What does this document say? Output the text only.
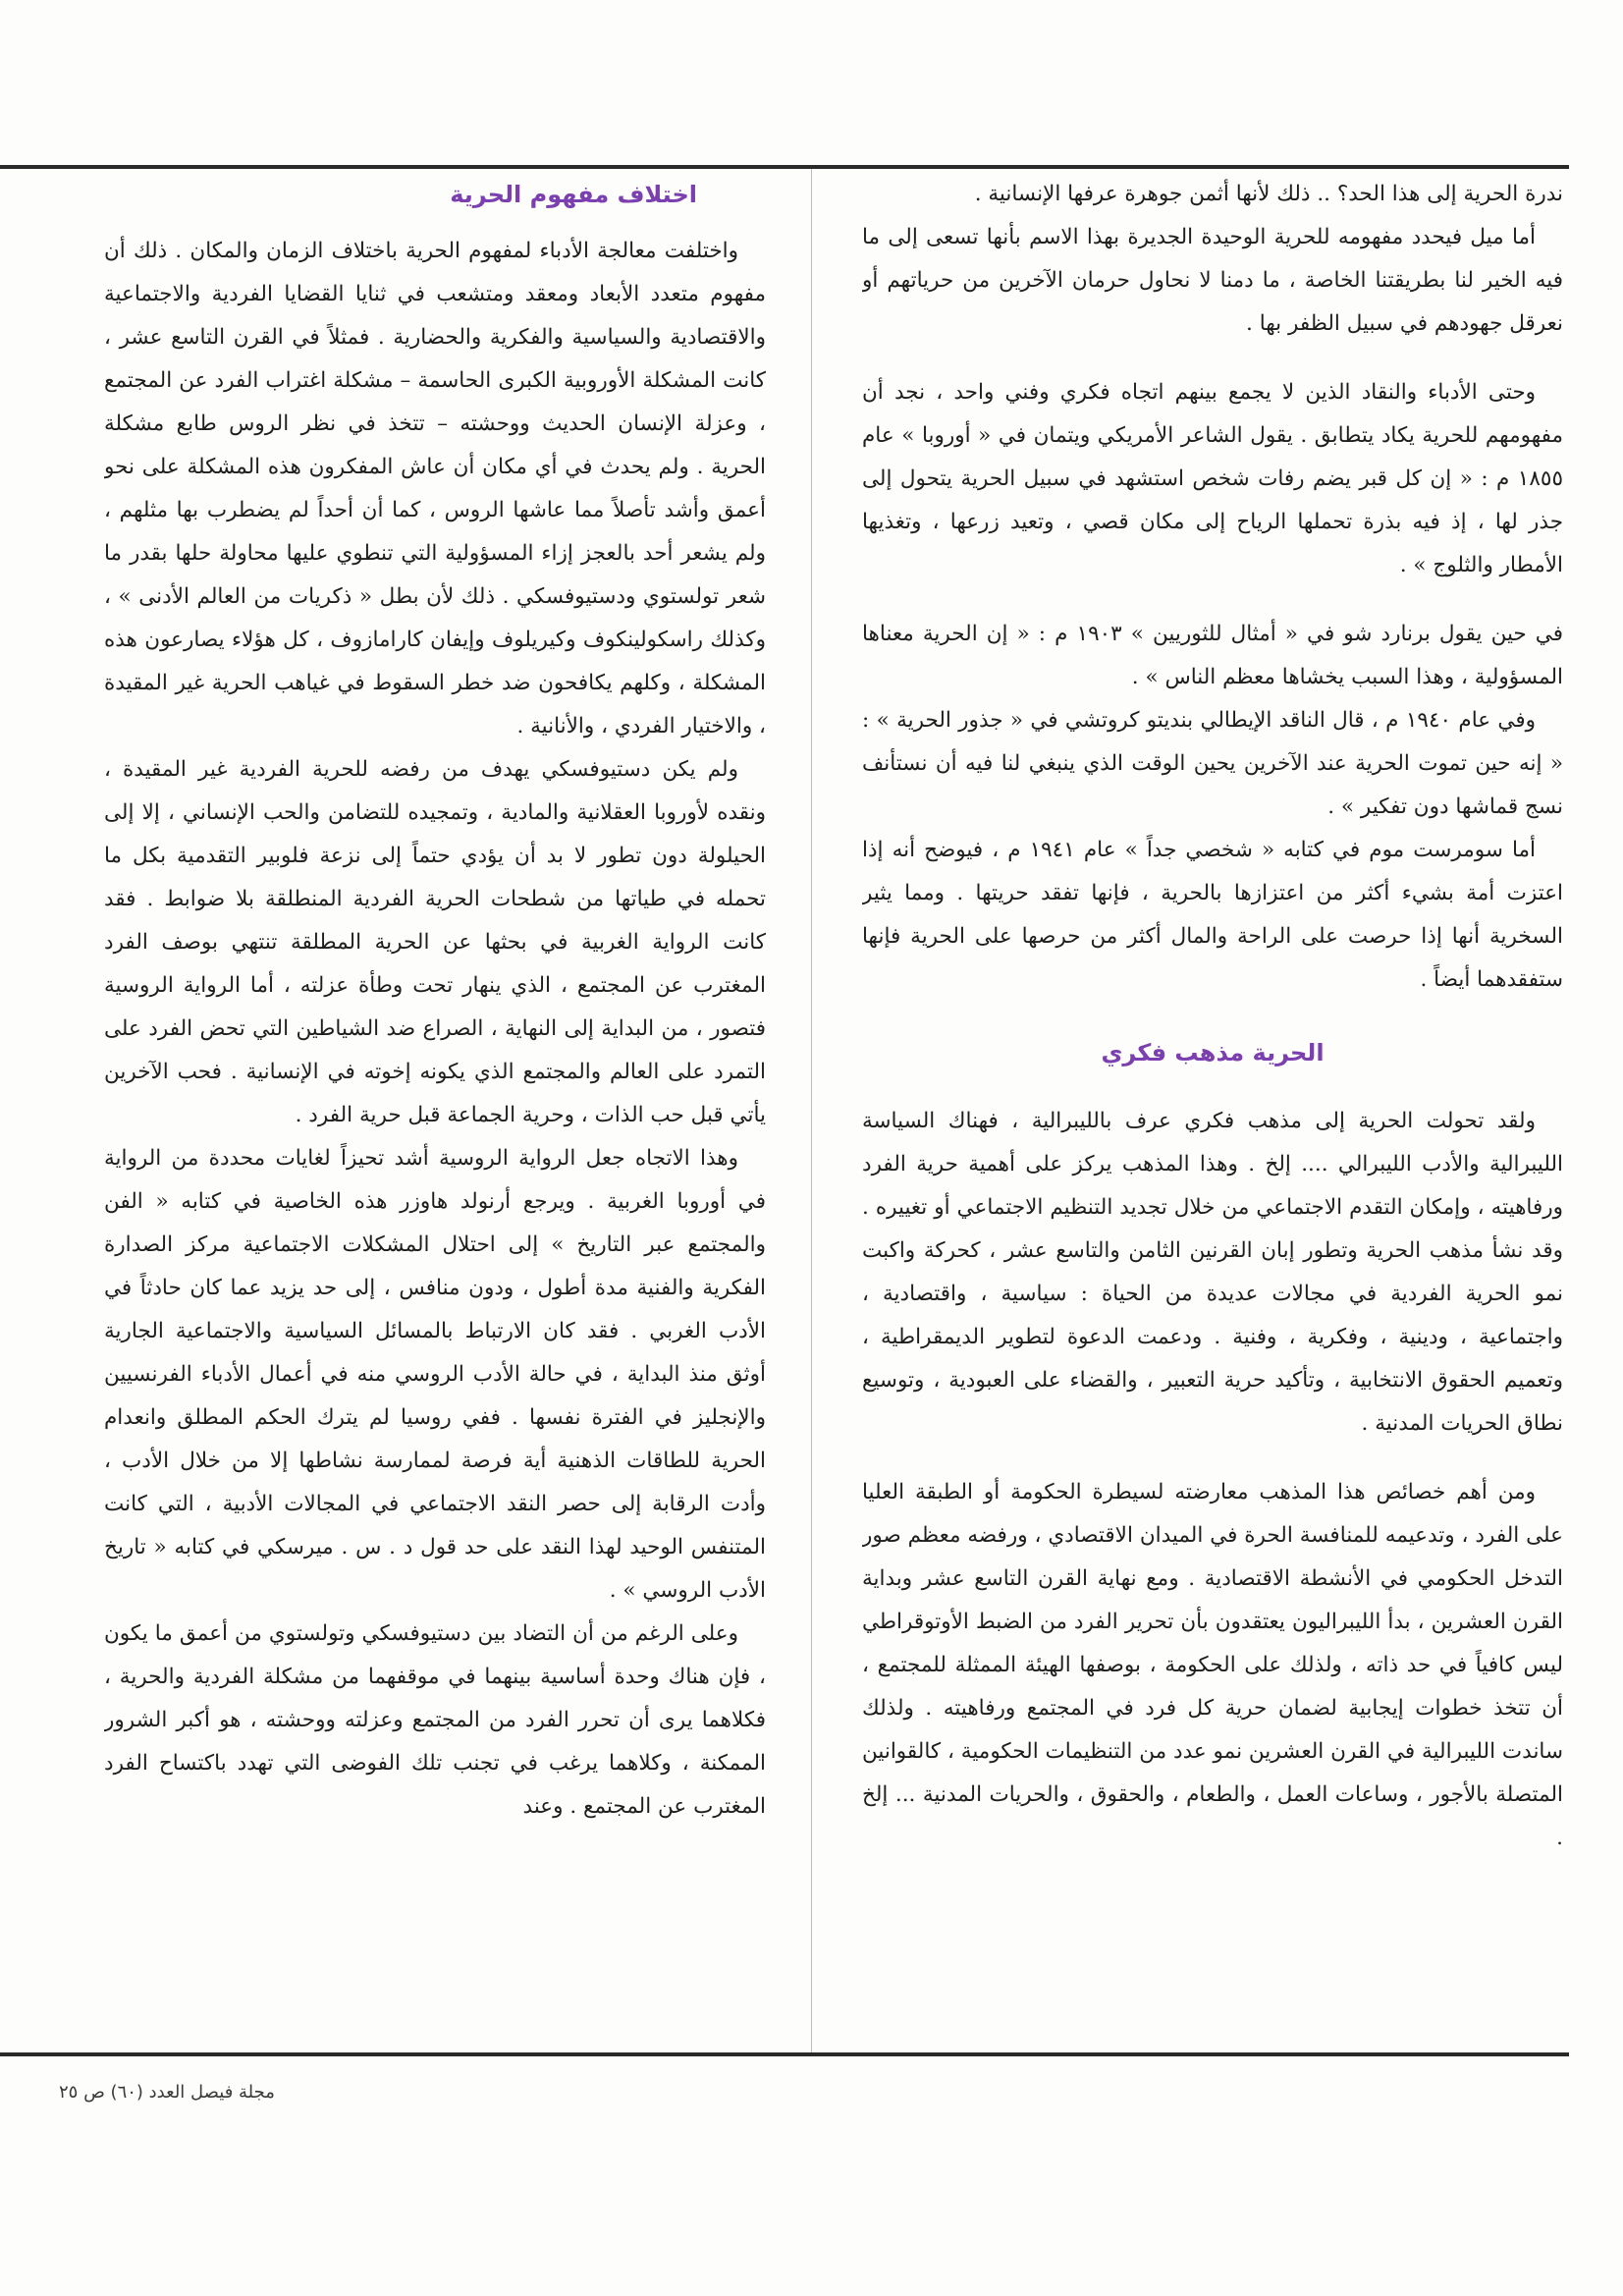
ندرة الحرية إلى هذا الحد؟ .. ذلك لأنها أثمن جوهرة عرفها الإنسانية .

أما ميل فيحدد مفهومه للحرية الوحيدة الجديرة بهذا الاسم بأنها تسعى إلى ما فيه الخير لنا بطريقتنا الخاصة ، ما دمنا لا نحاول حرمان الآخرين من حرياتهم أو نعرقل جهودهم في سبيل الظفر بها .

وحتى الأدباء والنقاد الذين لا يجمع بينهم اتجاه فكري وفني واحد ، نجد أن مفهومهم للحرية يكاد يتطابق . يقول الشاعر الأمريكي ويتمان في « أوروبا » عام ١٨٥٥ م : « إن كل قبر يضم رفات شخص استشهد في سبيل الحرية يتحول إلى جذر لها ، إذ فيه بذرة تحملها الرياح إلى مكان قصي ، وتعيد زرعها ، وتغذيها الأمطار والثلوج » .

في حين يقول برنارد شو في « أمثال للثوريين » ١٩٠٣ م : « إن الحرية معناها المسؤولية ، وهذا السبب يخشاها معظم الناس » .

وفي عام ١٩٤٠ م ، قال الناقد الإيطالي بنديتو كروتشي في « جذور الحرية » : « إنه حين تموت الحرية عند الآخرين يحين الوقت الذي ينبغي لنا فيه أن نستأنف نسج قماشها دون تفكير » .

أما سومرست موم في كتابه « شخصي جداً » عام ١٩٤١ م ، فيوضح أنه إذا اعتزت أمة بشيء أكثر من اعتزازها بالحرية ، فإنها تفقد حريتها . ومما يثير السخرية أنها إذا حرصت على الراحة والمال أكثر من حرصها على الحرية فإنها ستفقدهما أيضاً .

الحرية مذهب فكري

ولقد تحولت الحرية إلى مذهب فكري عرف بالليبرالية ، فهناك السياسة الليبرالية والأدب الليبرالي .... إلخ . وهذا المذهب يركز على أهمية حرية الفرد ورفاهيته ، وإمكان التقدم الاجتماعي من خلال تجديد التنظيم الاجتماعي أو تغييره . وقد نشأ مذهب الحرية وتطور إبان القرنين الثامن والتاسع عشر ، كحركة واكبت نمو الحرية الفردية في مجالات عديدة من الحياة : سياسية ، واقتصادية ، واجتماعية ، ودينية ، وفكرية ، وفنية . ودعمت الدعوة لتطوير الديمقراطية ، وتعميم الحقوق الانتخابية ، وتأكيد حرية التعبير ، والقضاء على العبودية ، وتوسيع نطاق الحريات المدنية .

ومن أهم خصائص هذا المذهب معارضته لسيطرة الحكومة أو الطبقة العليا على الفرد ، وتدعيمه للمنافسة الحرة في الميدان الاقتصادي ، ورفضه معظم صور التدخل الحكومي في الأنشطة الاقتصادية . ومع نهاية القرن التاسع عشر وبداية القرن العشرين ، بدأ الليبراليون يعتقدون بأن تحرير الفرد من الضبط الأوتوقراطي ليس كافياً في حد ذاته ، ولذلك على الحكومة ، بوصفها الهيئة الممثلة للمجتمع ، أن تتخذ خطوات إيجابية لضمان حرية كل فرد في المجتمع ورفاهيته . ولذلك ساندت الليبرالية في القرن العشرين نمو عدد من التنظيمات الحكومية ، كالقوانين المتصلة بالأجور ، وساعات العمل ، والطعام ، والحقوق ، والحريات المدنية ... إلخ .

اختلاف مفهوم الحرية

واختلفت معالجة الأدباء لمفهوم الحرية باختلاف الزمان والمكان . ذلك أن مفهوم متعدد الأبعاد ومعقد ومتشعب في ثنايا القضايا الفردية والاجتماعية والاقتصادية والسياسية والفكرية والحضارية . فمثلاً في القرن التاسع عشر ، كانت المشكلة الأوروبية الكبرى الحاسمة – مشكلة اغتراب الفرد عن المجتمع ، وعزلة الإنسان الحديث ووحشته – تتخذ في نظر الروس طابع مشكلة الحرية . ولم يحدث في أي مكان أن عاش المفكرون هذه المشكلة على نحو أعمق وأشد تأصلاً مما عاشها الروس ، كما أن أحداً لم يضطرب بها مثلهم ، ولم يشعر أحد بالعجز إزاء المسؤولية التي تنطوي عليها محاولة حلها بقدر ما شعر تولستوي ودستيوفسكي . ذلك لأن بطل « ذكريات من العالم الأدنى » ، وكذلك راسكولينكوف وكيريلوف وإيفان كارامازوف ، كل هؤلاء يصارعون هذه المشكلة ، وكلهم يكافحون ضد خطر السقوط في غياهب الحرية غير المقيدة ، والاختيار الفردي ، والأنانية .

ولم يكن دستيوفسكي يهدف من رفضه للحرية الفردية غير المقيدة ، ونقده لأوروبا العقلانية والمادية ، وتمجيده للتضامن والحب الإنساني ، إلا إلى الحيلولة دون تطور لا بد أن يؤدي حتماً إلى نزعة فلوبير التقدمية بكل ما تحمله في طياتها من شطحات الحرية الفردية المنطلقة بلا ضوابط . فقد كانت الرواية الغربية في بحثها عن الحرية المطلقة تنتهي بوصف الفرد المغترب عن المجتمع ، الذي ينهار تحت وطأة عزلته ، أما الرواية الروسية فتصور ، من البداية إلى النهاية ، الصراع ضد الشياطين التي تحض الفرد على التمرد على العالم والمجتمع الذي يكونه إخوته في الإنسانية . فحب الآخرين يأتي قبل حب الذات ، وحرية الجماعة قبل حرية الفرد .

وهذا الاتجاه جعل الرواية الروسية أشد تحيزاً لغايات محددة من الرواية في أوروبا الغربية . ويرجع أرنولد هاوزر هذه الخاصية في كتابه « الفن والمجتمع عبر التاريخ » إلى احتلال المشكلات الاجتماعية مركز الصدارة الفكرية والفنية مدة أطول ، ودون منافس ، إلى حد يزيد عما كان حادثاً في الأدب الغربي . فقد كان الارتباط بالمسائل السياسية والاجتماعية الجارية أوثق منذ البداية ، في حالة الأدب الروسي منه في أعمال الأدباء الفرنسيين والإنجليز في الفترة نفسها . ففي روسيا لم يترك الحكم المطلق وانعدام الحرية للطاقات الذهنية أية فرصة لممارسة نشاطها إلا من خلال الأدب ، وأدت الرقابة إلى حصر النقد الاجتماعي في المجالات الأدبية ، التي كانت المتنفس الوحيد لهذا النقد على حد قول د . س . ميرسكي في كتابه « تاريخ الأدب الروسي » .

وعلى الرغم من أن التضاد بين دستيوفسكي وتولستوي من أعمق ما يكون ، فإن هناك وحدة أساسية بينهما في موقفهما من مشكلة الفردية والحرية ، فكلاهما يرى أن تحرر الفرد من المجتمع وعزلته ووحشته ، هو أكبر الشرور الممكنة ، وكلاهما يرغب في تجنب تلك الفوضى التي تهدد باكتساح الفرد المغترب عن المجتمع . وعند

مجلة فيصل العدد (٦٠) ص ٢٥
